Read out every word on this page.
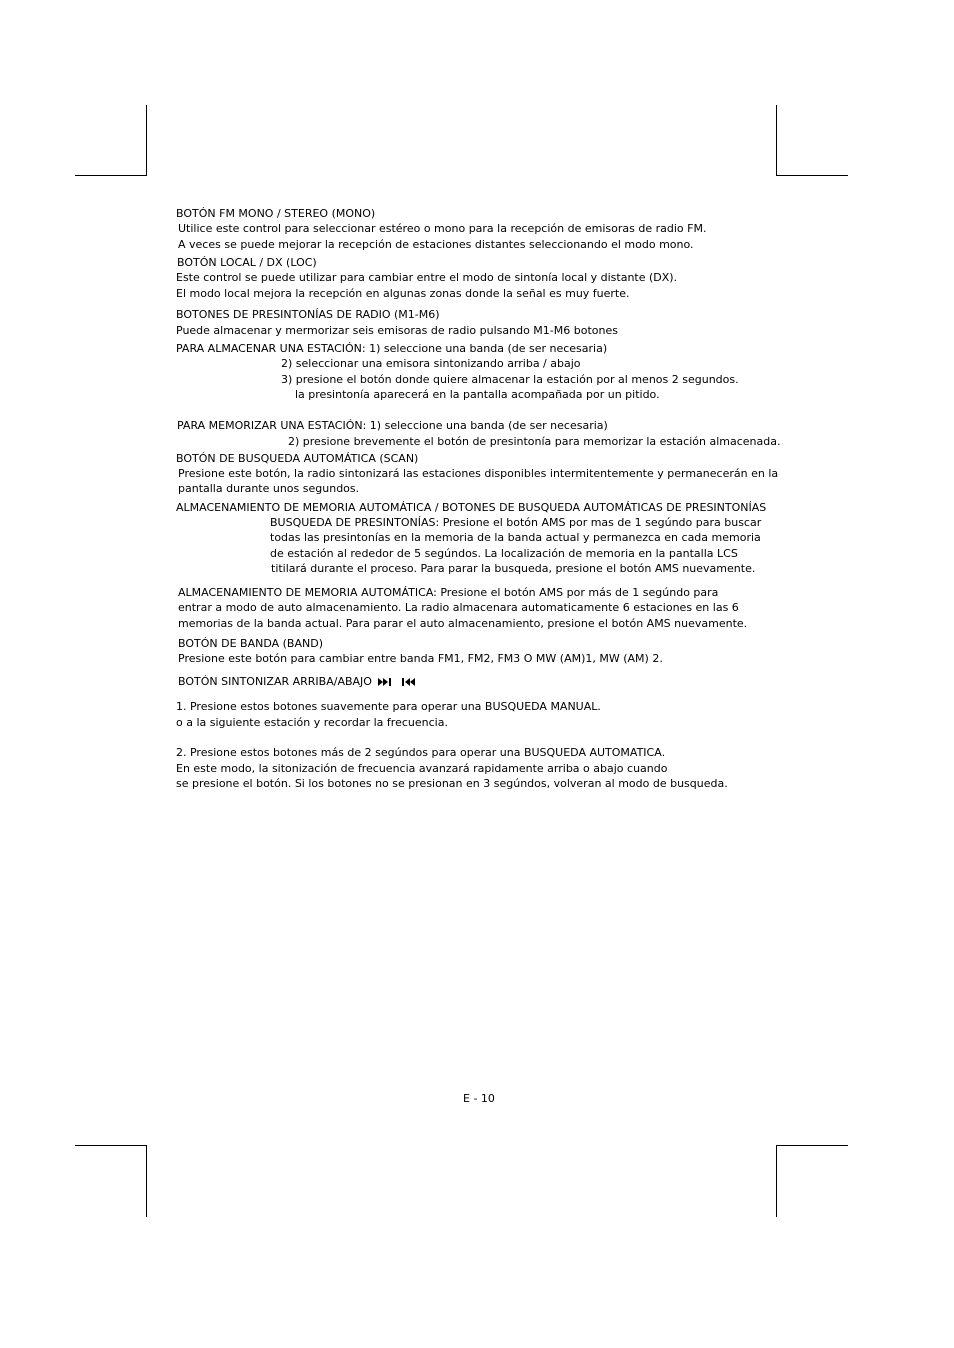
BOTÓN FM MONO / STEREO (MONO)
Utilice este control para seleccionar estéreo o mono para la recepción de emisoras de radio FM.
A veces se puede mejorar la recepción de estaciones distantes seleccionando el modo mono.
BOTÓN LOCAL / DX (LOC)
Este control se puede utilizar para cambiar entre el modo de sintonía local y distante (DX).
El modo local mejora la recepción en algunas zonas donde la señal es muy fuerte.
BOTONES DE PRESINTONÍAS DE RADIO (M1-M6)
Puede almacenar y mermorizar seis emisoras de radio pulsando M1-M6 botones
PARA ALMACENAR UNA ESTACIÓN: 1) seleccione una banda (de ser necesaria)
2) seleccionar una emisora sintonizando arriba / abajo
3) presione el botón donde quiere almacenar la estación por al menos 2 segundos.
la presintonía aparecerá en la pantalla acompañada por un pitido.
PARA MEMORIZAR UNA ESTACIÓN: 1) seleccione una banda (de ser necesaria)
2) presione brevemente el botón de presintonía para memorizar la estación almacenada.
BOTÓN DE BUSQUEDA AUTOMÁTICA (SCAN)
Presione este botón, la radio sintonizará las estaciones disponibles intermitentemente y permanecerán en la
pantalla durante unos segundos.
ALMACENAMIENTO DE MEMORIA AUTOMÁTICA / BOTONES DE BUSQUEDA AUTOMÁTICAS DE PRESINTONÍAS
BUSQUEDA DE PRESINTONÍAS: Presione el botón AMS por mas de 1 segúndo para buscar
todas las presintonías en la memoria de la banda actual y permanezca en cada memoria
de estación al rededor de 5 segúndos. La localización de memoria en la pantalla LCS
titilará durante el proceso. Para parar la busqueda, presione el botón AMS nuevamente.
ALMACENAMIENTO DE MEMORIA AUTOMÁTICA: Presione el botón AMS por más de 1 segúndo para
entrar a modo de auto almacenamiento. La radio almacenara automaticamente 6 estaciones en las 6
memorias de la banda actual. Para parar el auto almacenamiento, presione el botón AMS nuevamente.
BOTÓN DE BANDA (BAND)
Presione este botón para cambiar entre banda FM1, FM2, FM3 O MW (AM)1, MW (AM) 2.
BOTÓN SINTONIZAR ARRIBA/ABAJO
1. Presione estos botones suavemente para operar una BUSQUEDA MANUAL.
o a la siguiente estación y recordar la frecuencia.
2. Presione estos botones más de 2 segúndos para operar una BUSQUEDA AUTOMATICA.
En este modo, la sitonización de frecuencia avanzará rapidamente arriba o abajo cuando
se presione el botón. Si los botones no se presionan en 3 segúndos, volveran al modo de busqueda.
E - 10
